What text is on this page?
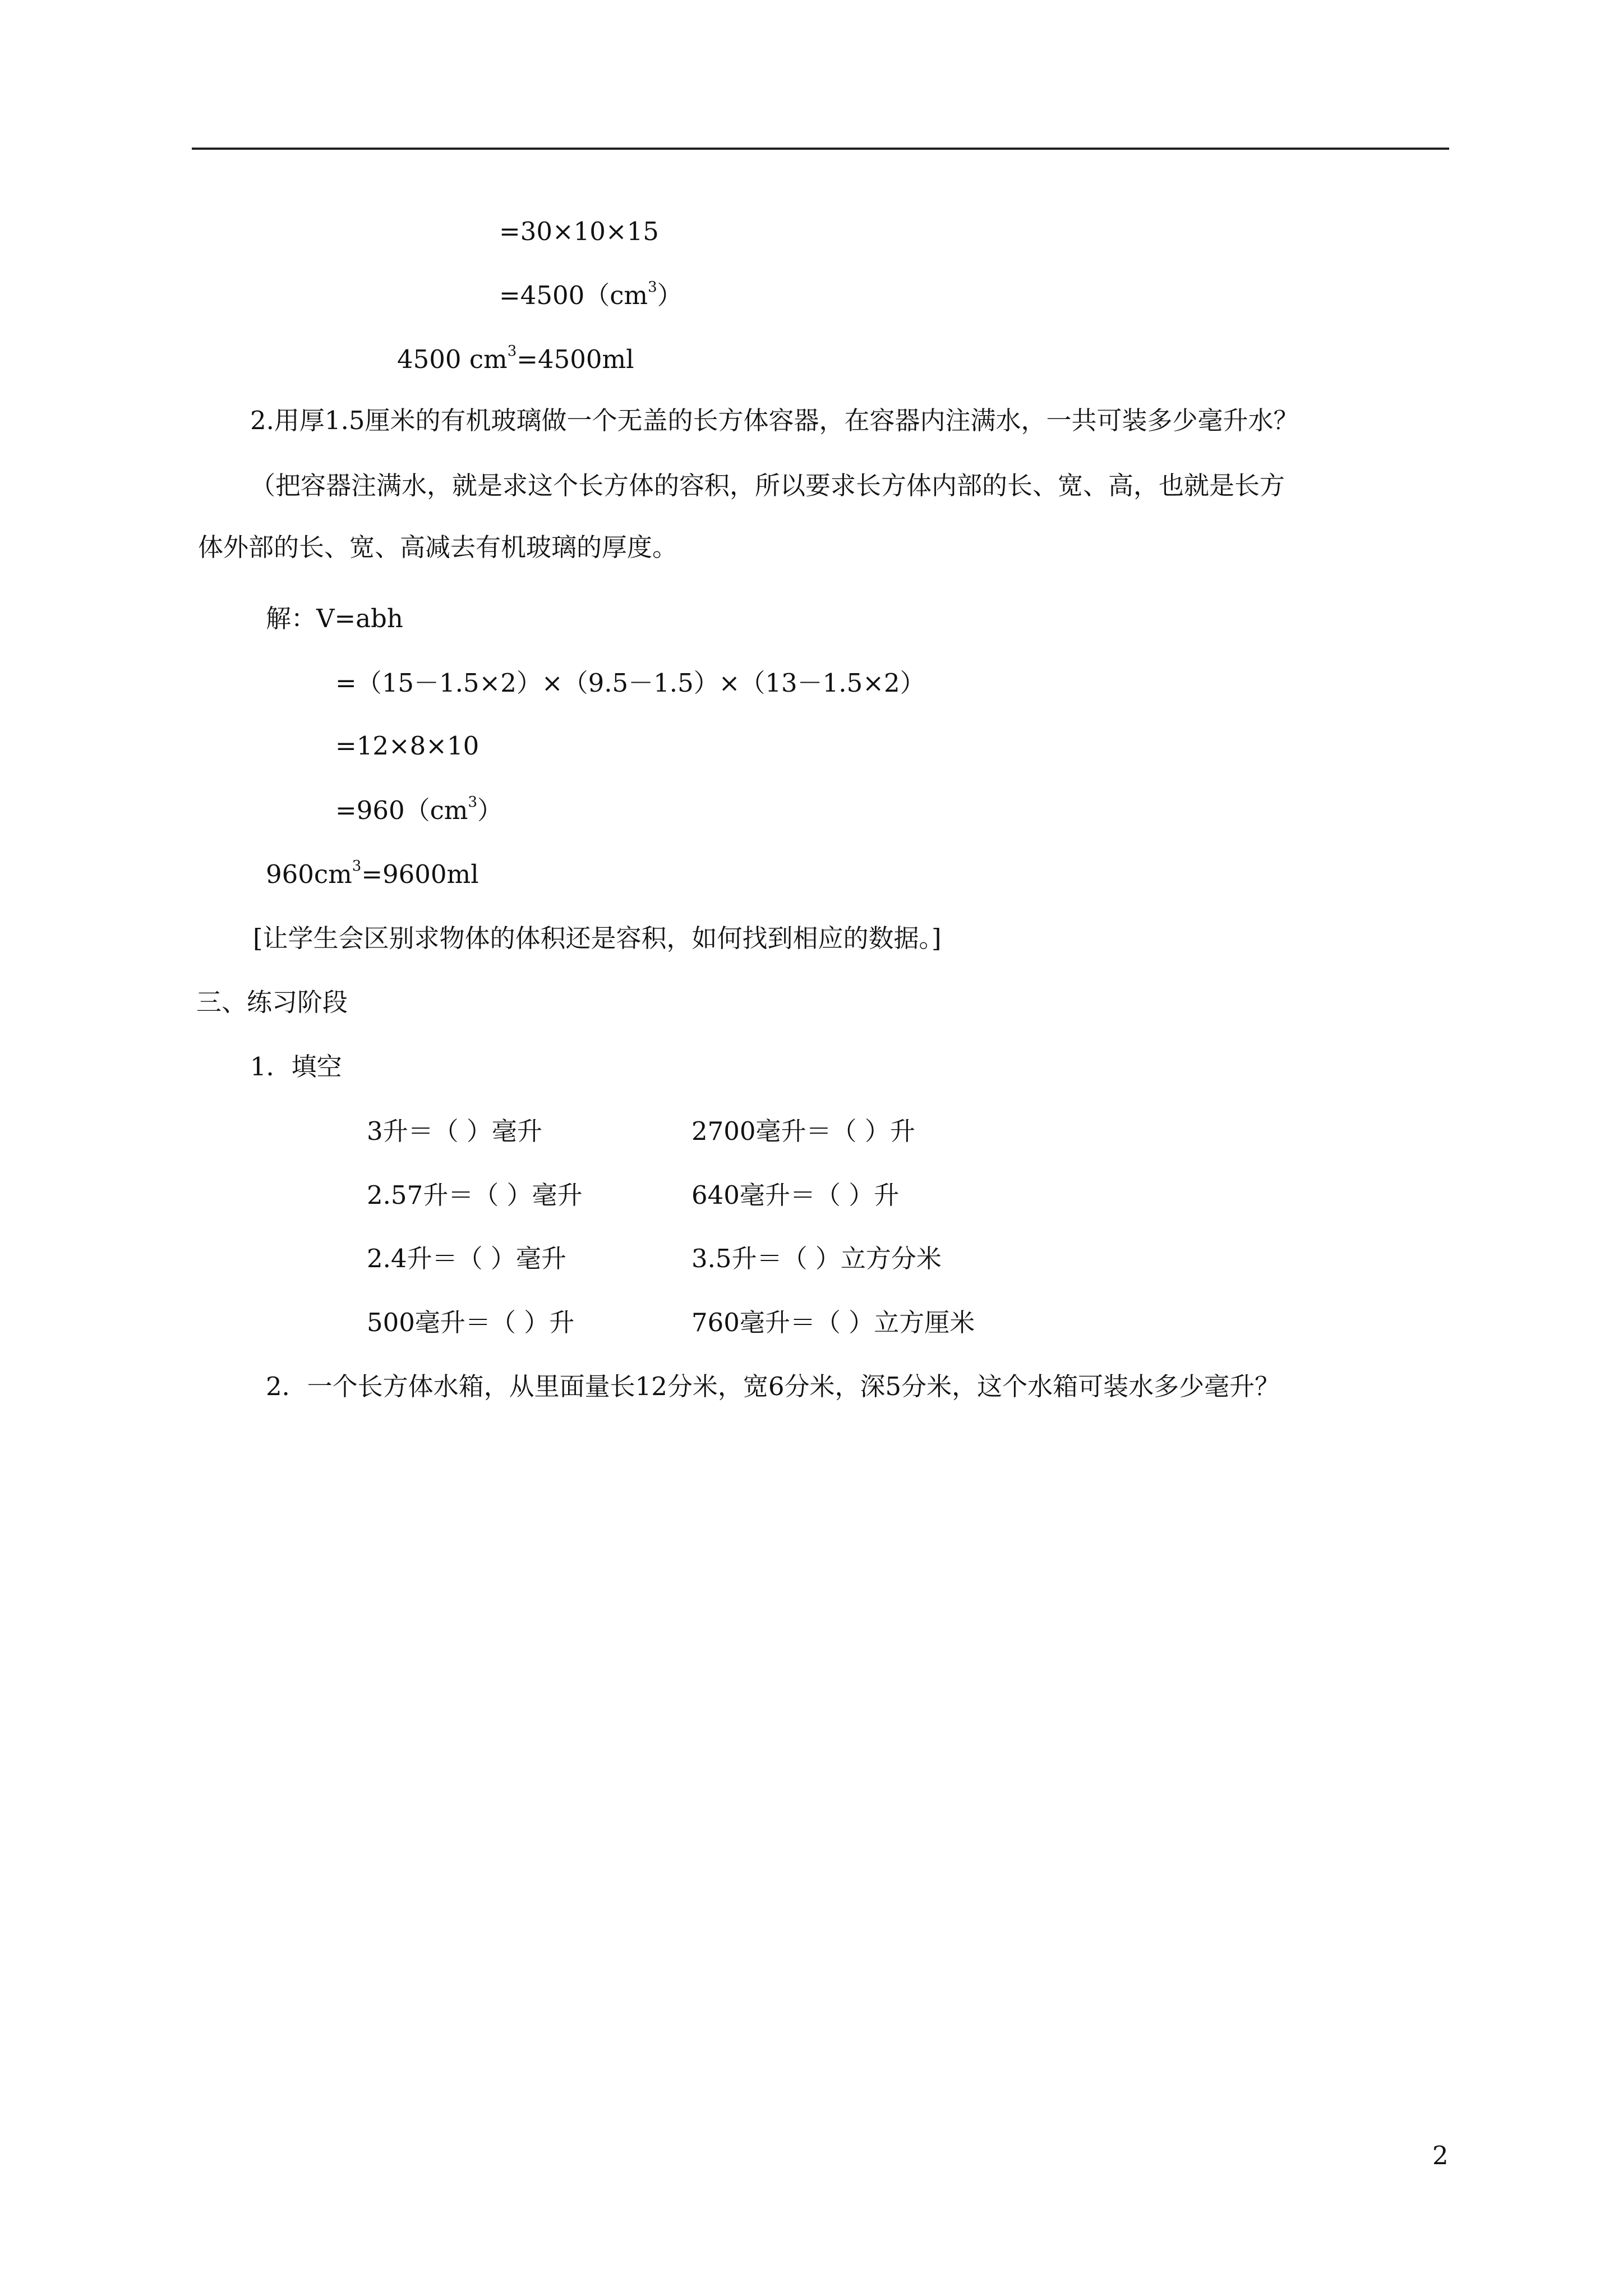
=30×10×15
$=4500(cm^3)$
4500 $cm^3=4500ml$
2.用厚1.5厘米的有机玻璃做一个无盖的长方体容器，在容器内注满水，一共可装多少毫升水？
（把容器注满水，就是求这个长方体的容积，所以要求长方体内部的长、宽、高，也就是长方
体外部的长、宽、高减去有机玻璃的厚度。
解：V=abh
=（15－1.5×2）×（9.5－1.5）×（13－1.5×2）
=12×8×10
$=960(cm^3)$
$960cm^3=9600ml$
[让学生会区别求物体的体积还是容积，如何找到相应的数据。]
三、练习阶段
1．填空
3升＝（ ）毫升	2700毫升＝（ ）升
2.57升＝（ ）毫升	640毫升＝（ ）升
2.4升＝（ ）毫升	3.5升＝（ ）立方分米
500毫升＝（ ）升	760毫升＝（ ）立方厘米
2．一个长方体水箱，从里面量长12分米，宽6分米，深5分米，这个水箱可装水多少毫升？
2
